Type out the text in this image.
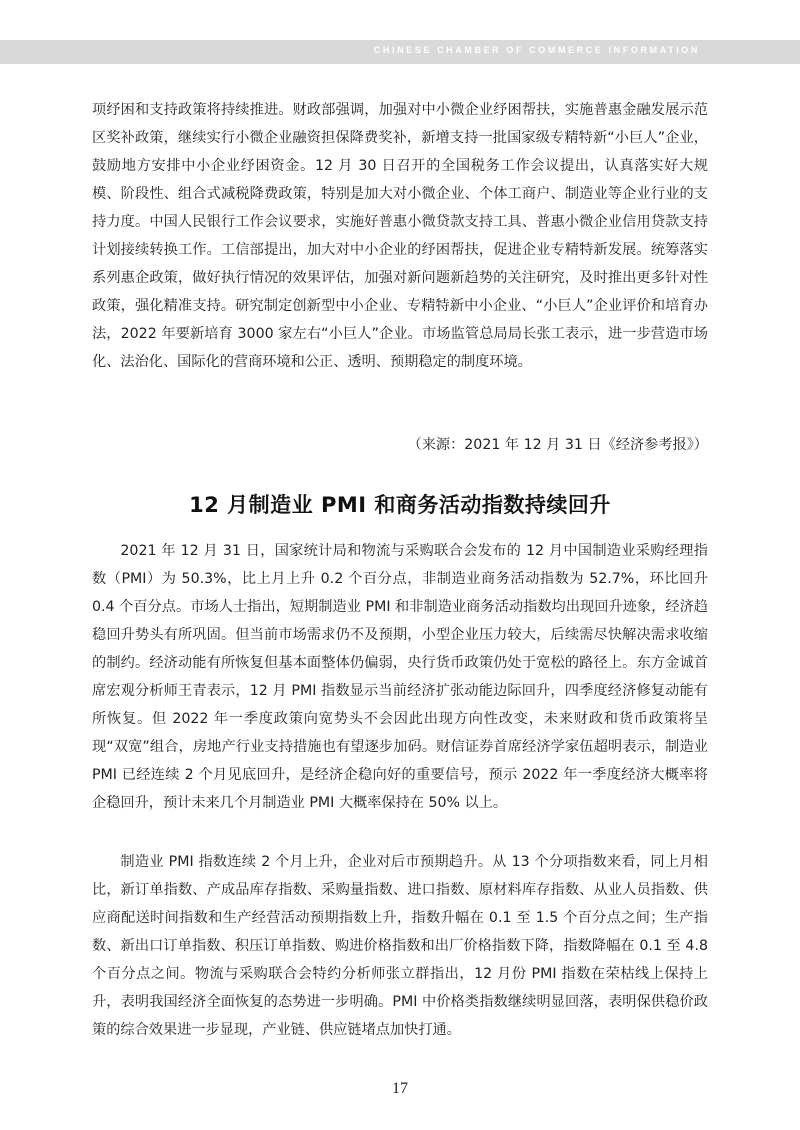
CHINESE CHAMBER OF COMMERCE INFORMATION

项纾困和支持政策将持续推进。财政部强调，加强对中小微企业纾困帮扶，实施普惠金融发展示范区奖补政策，继续实行小微企业融资担保降费奖补，新增支持一批国家级专精特新“小巨人”企业，鼓励地方安排中小企业纾困资金。12 月 30 日召开的全国税务工作会议提出，认真落实好大规模、阶段性、组合式减税降费政策，特别是加大对小微企业、个体工商户、制造业等企业行业的支持力度。中国人民银行工作会议要求，实施好普惠小微贷款支持工具、普惠小微企业信用贷款支持计划接续转换工作。工信部提出，加大对中小企业的纾困帮扶，促进企业专精特新发展。统筹落实系列惠企政策，做好执行情况的效果评估，加强对新问题新趋势的关注研究，及时推出更多针对性政策，强化精准支持。研究制定创新型中小企业、专精特新中小企业、“小巨人”企业评价和培育办法，2022 年要新培育 3000 家左右“小巨人”企业。市场监管总局局长张工表示，进一步营造市场化、法治化、国际化的营商环境和公正、透明、预期稳定的制度环境。

（来源：2021 年 12 月 31 日《经济参考报》）
12 月制造业 PMI 和商务活动指数持续回升

2021 年 12 月 31 日，国家统计局和物流与采购联合会发布的 12 月中国制造业采购经理指数（PMI）为 50.3%，比上月上升 0.2 个百分点，非制造业商务活动指数为 52.7%，环比回升 0.4 个百分点。市场人士指出，短期制造业 PMI 和非制造业商务活动指数均出现回升迹象，经济趋稳回升势头有所巩固。但当前市场需求仍不及预期，小型企业压力较大，后续需尽快解决需求收缩的制约。经济动能有所恢复但基本面整体仍偏弱，央行货币政策仍处于宽松的路径上。东方金诚首席宏观分析师王青表示，12 月 PMI 指数显示当前经济扩张动能边际回升，四季度经济修复动能有所恢复。但 2022 年一季度政策向宽势头不会因此出现方向性改变，未来财政和货币政策将呈现“双宽”组合，房地产行业支持措施也有望逐步加码。财信证券首席经济学家伍超明表示，制造业 PMI 已经连续 2 个月见底回升，是经济企稳向好的重要信号，预示 2022 年一季度经济大概率将企稳回升，预计未来几个月制造业 PMI 大概率保持在 50% 以上。

制造业 PMI 指数连续 2 个月上升，企业对后市预期趋升。从 13 个分项指数来看，同上月相比，新订单指数、产成品库存指数、采购量指数、进口指数、原材料库存指数、从业人员指数、供应商配送时间指数和生产经营活动预期指数上升，指数升幅在 0.1 至 1.5 个百分点之间；生产指数、新出口订单指数、积压订单指数、购进价格指数和出厂价格指数下降，指数降幅在 0.1 至 4.8 个百分点之间。物流与采购联合会特约分析师张立群指出，12 月份 PMI 指数在荣枯线上保持上升，表明我国经济全面恢复的态势进一步明确。PMI 中价格类指数继续明显回落，表明保供稳价政策的综合效果进一步显现，产业链、供应链堵点加快打通。

17
